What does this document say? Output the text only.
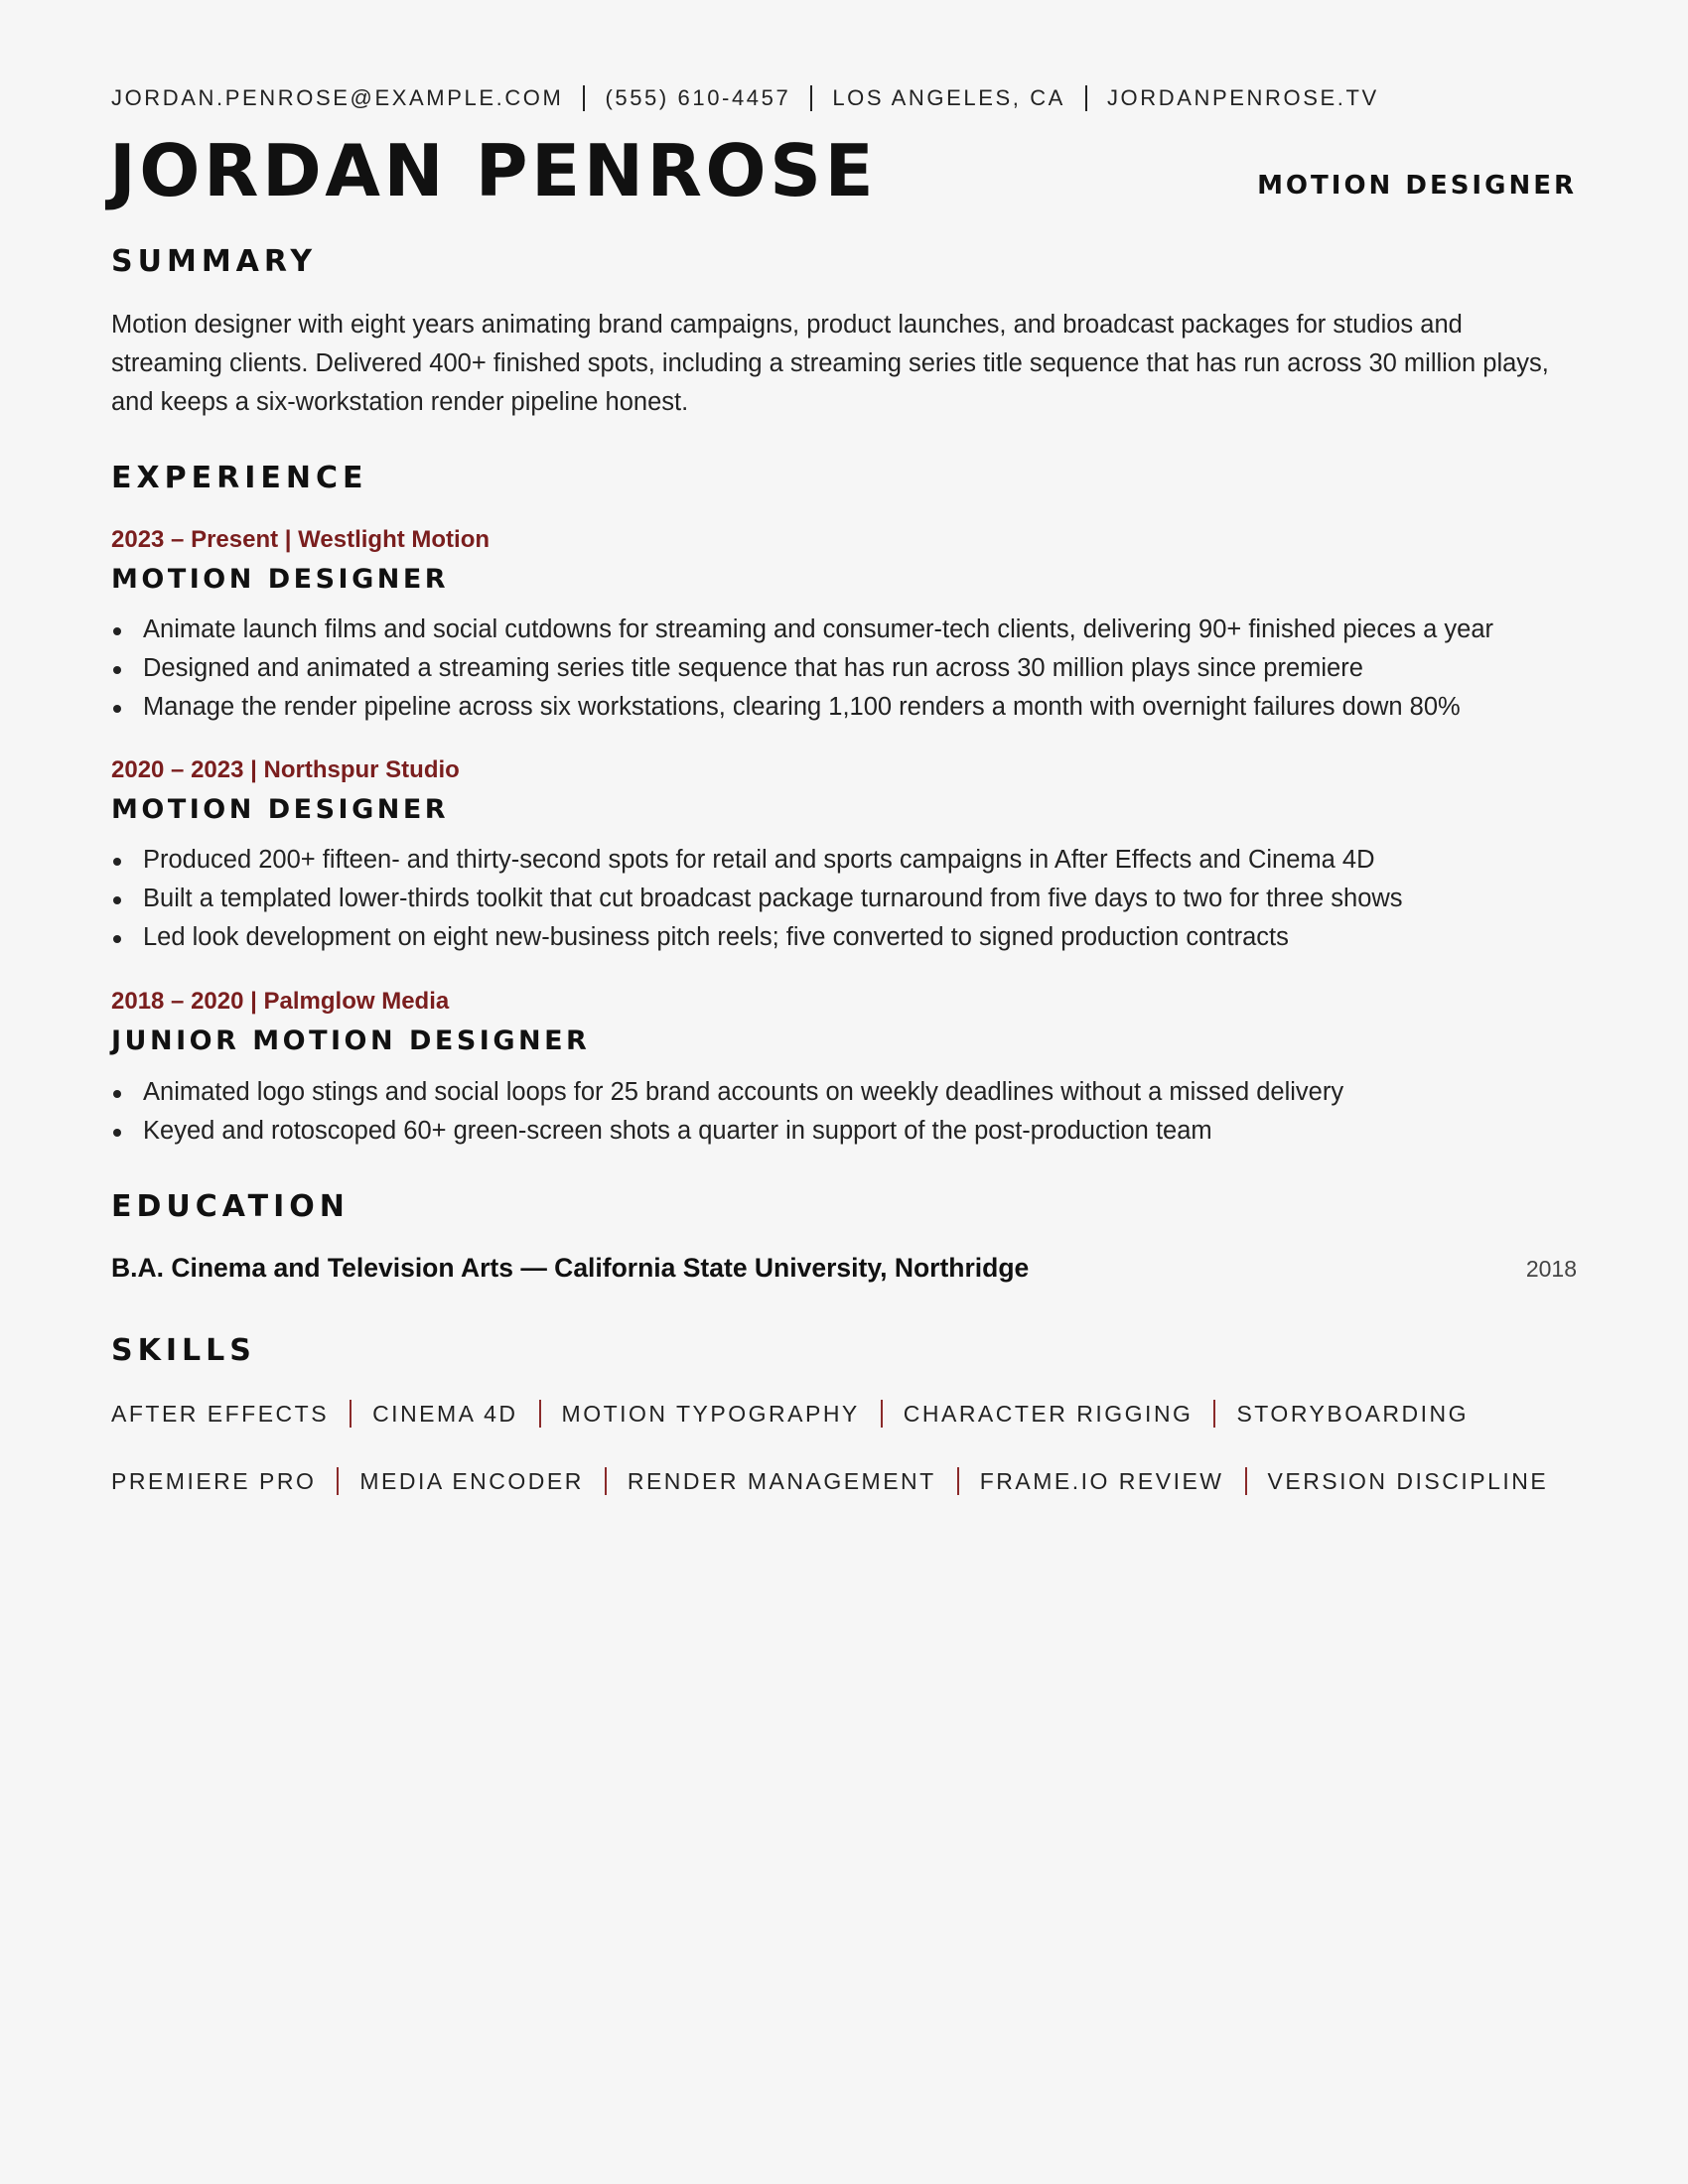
JORDAN.PENROSE@EXAMPLE.COM (555) 610-4457 LOS ANGELES, CA JORDANPENROSE.TV
JORDAN PENROSE	MOTION DESIGNER
SUMMARY

Motion designer with eight years animating brand campaigns, product launches, and broadcast packages for studios and streaming clients. Delivered 400+ finished spots, including a streaming series title sequence that has run across 30 million plays, and keeps a six-workstation render pipeline honest.

EXPERIENCE
2023 – Present | Westlight Motion
MOTION DESIGNER
Animate launch films and social cutdowns for streaming and consumer-tech clients, delivering 90+ finished pieces a year
Designed and animated a streaming series title sequence that has run across 30 million plays since premiere
Manage the render pipeline across six workstations, clearing 1,100 renders a month with overnight failures down 80%
2020 – 2023 | Northspur Studio
MOTION DESIGNER
Produced 200+ fifteen- and thirty-second spots for retail and sports campaigns in After Effects and Cinema 4D
Built a templated lower-thirds toolkit that cut broadcast package turnaround from five days to two for three shows
Led look development on eight new-business pitch reels; five converted to signed production contracts
2018 – 2020 | Palmglow Media
JUNIOR MOTION DESIGNER
Animated logo stings and social loops for 25 brand accounts on weekly deadlines without a missed delivery
Keyed and rotoscoped 60+ green-screen shots a quarter in support of the post-production team
EDUCATION
B.A. Cinema and Television Arts — California State University, Northridge	2018
SKILLS
AFTER EFFECTS CINEMA 4D MOTION TYPOGRAPHY CHARACTER RIGGING STORYBOARDING
PREMIERE PRO MEDIA ENCODER RENDER MANAGEMENT FRAME.IO REVIEW VERSION DISCIPLINE
